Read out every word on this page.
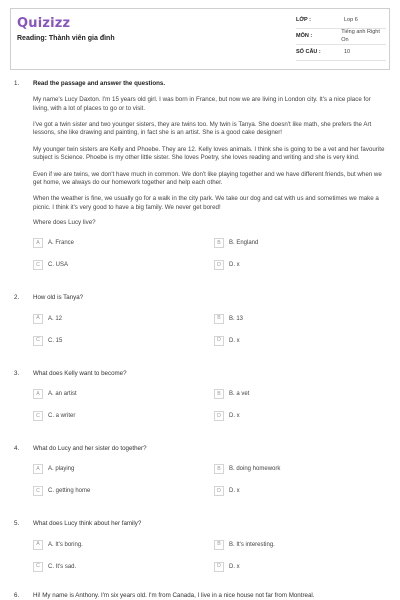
Quizizz
Reading: Thành viên gia đình
LỚP :	Lop 6
MÔN :
Tiếng anh Right On
SỐ CÂU :	10
1. Read the passage and answer the questions.

My name's Lucy Daxton. I'm 15 years old girl. I was born in France, but now we are living in London city. It's a nice place for living, with a lot of places to go or to visit.

I've got a twin sister and two younger sisters, they are twins too. My twin is Tanya. She doesn't like math, she prefers the Art lessons, she like drawing and painting, in fact she is an artist. She is a good cake designer!

My younger twin sisters are Kelly and Phoebe. They are 12. Kelly loves animals. I think she is going to be a vet and her favourite subject is Science. Phoebe is my other little sister. She loves Poetry, she loves reading and writing and she is very kind.

Even if we are twins, we don't have much in common. We don't like playing together and we have different friends, but when we get home, we always do our homework together and help each other.

When the weather is fine, we usually go for a walk in the city park. We take our dog and cat with us and sometimes we make a picnic. I think it's very good to have a big family. We never get bored!

Where does Lucy live?
A	A. France	B	B. England
C	C. USA	D	D. x
2. How old is Tanya?
A	A. 12	B	B. 13
C	C. 15	D	D. x
3. What does Kelly want to become?
A	A. an artist	B	B. a vet
C	C. a writer	D	D. x
4. What do Lucy and her sister do together?
A	A. playing	B	B. doing homework
C	C. getting home	D	D. x
5. What does Lucy think about her family?
A	A. It's boring.	B	B. It's interesting.
C	C. It's sad.	D	D. x
6. Hi! My name is Anthony. I'm six years old. I'm from Canada, I live in a nice house not far from Montreal.
